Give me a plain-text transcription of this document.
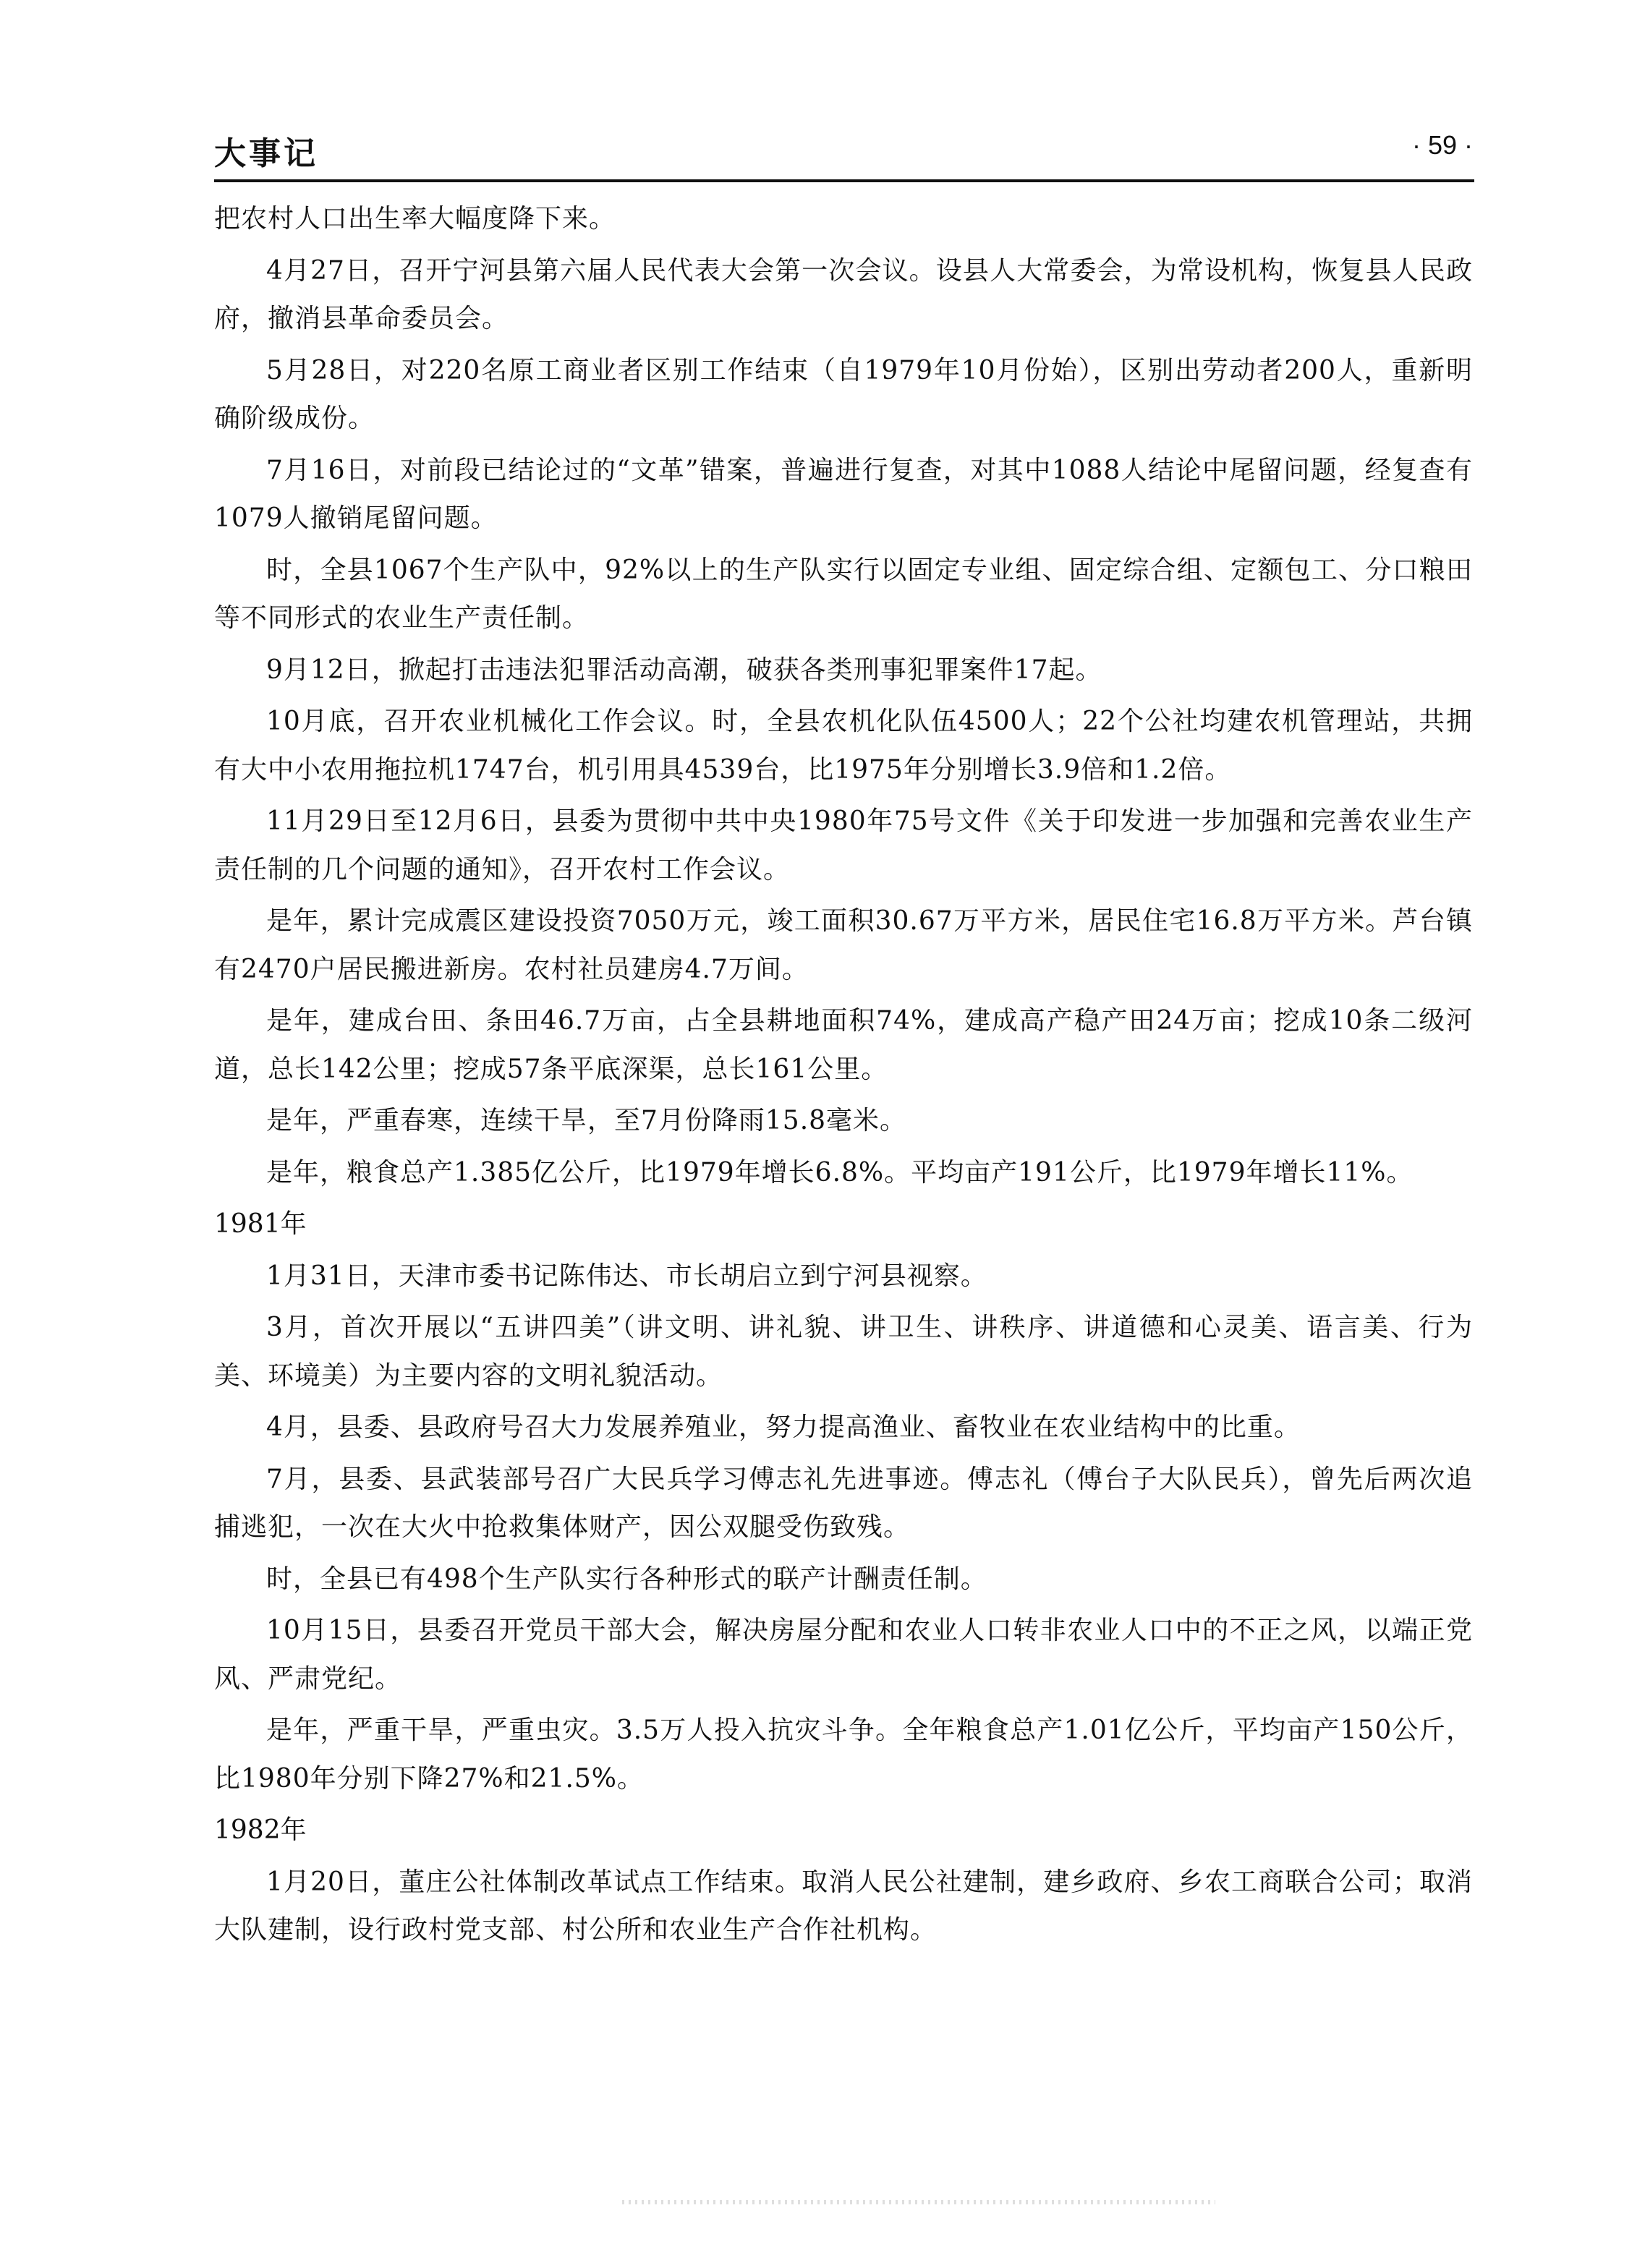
大事记	· 59 ·

把农村人口出生率大幅度降下来。

4月27日，召开宁河县第六届人民代表大会第一次会议。设县人大常委会，为常设机构，恢复县人民政府，撤消县革命委员会。

5月28日，对220名原工商业者区别工作结束（自1979年10月份始），区别出劳动者200人，重新明确阶级成份。

7月16日，对前段已结论过的“文革”错案，普遍进行复查，对其中1088人结论中尾留问题，经复查有1079人撤销尾留问题。

时，全县1067个生产队中，92%以上的生产队实行以固定专业组、固定综合组、定额包工、分口粮田等不同形式的农业生产责任制。

9月12日，掀起打击违法犯罪活动高潮，破获各类刑事犯罪案件17起。

10月底，召开农业机械化工作会议。时，全县农机化队伍4500人；22个公社均建农机管理站，共拥有大中小农用拖拉机1747台，机引用具4539台，比1975年分别增长3.9倍和1.2倍。

11月29日至12月6日，县委为贯彻中共中央1980年75号文件《关于印发进一步加强和完善农业生产责任制的几个问题的通知》，召开农村工作会议。

是年，累计完成震区建设投资7050万元，竣工面积30.67万平方米，居民住宅16.8万平方米。芦台镇有2470户居民搬进新房。农村社员建房4.7万间。

是年，建成台田、条田46.7万亩，占全县耕地面积74%，建成高产稳产田24万亩；挖成10条二级河道，总长142公里；挖成57条平底深渠，总长161公里。

是年，严重春寒，连续干旱，至7月份降雨15.8毫米。

是年，粮食总产1.385亿公斤，比1979年增长6.8%。平均亩产191公斤，比1979年增长11%。

1981年

1月31日，天津市委书记陈伟达、市长胡启立到宁河县视察。

3月，首次开展以“五讲四美”（讲文明、讲礼貌、讲卫生、讲秩序、讲道德和心灵美、语言美、行为美、环境美）为主要内容的文明礼貌活动。

4月，县委、县政府号召大力发展养殖业，努力提高渔业、畜牧业在农业结构中的比重。

7月，县委、县武装部号召广大民兵学习傅志礼先进事迹。傅志礼（傅台子大队民兵），曾先后两次追捕逃犯，一次在大火中抢救集体财产，因公双腿受伤致残。

时，全县已有498个生产队实行各种形式的联产计酬责任制。

10月15日，县委召开党员干部大会，解决房屋分配和农业人口转非农业人口中的不正之风，以端正党风、严肃党纪。

是年，严重干旱，严重虫灾。3.5万人投入抗灾斗争。全年粮食总产1.01亿公斤，平均亩产150公斤，比1980年分别下降27%和21.5%。

1982年

1月20日，董庄公社体制改革试点工作结束。取消人民公社建制，建乡政府、乡农工商联合公司；取消大队建制，设行政村党支部、村公所和农业生产合作社机构。
